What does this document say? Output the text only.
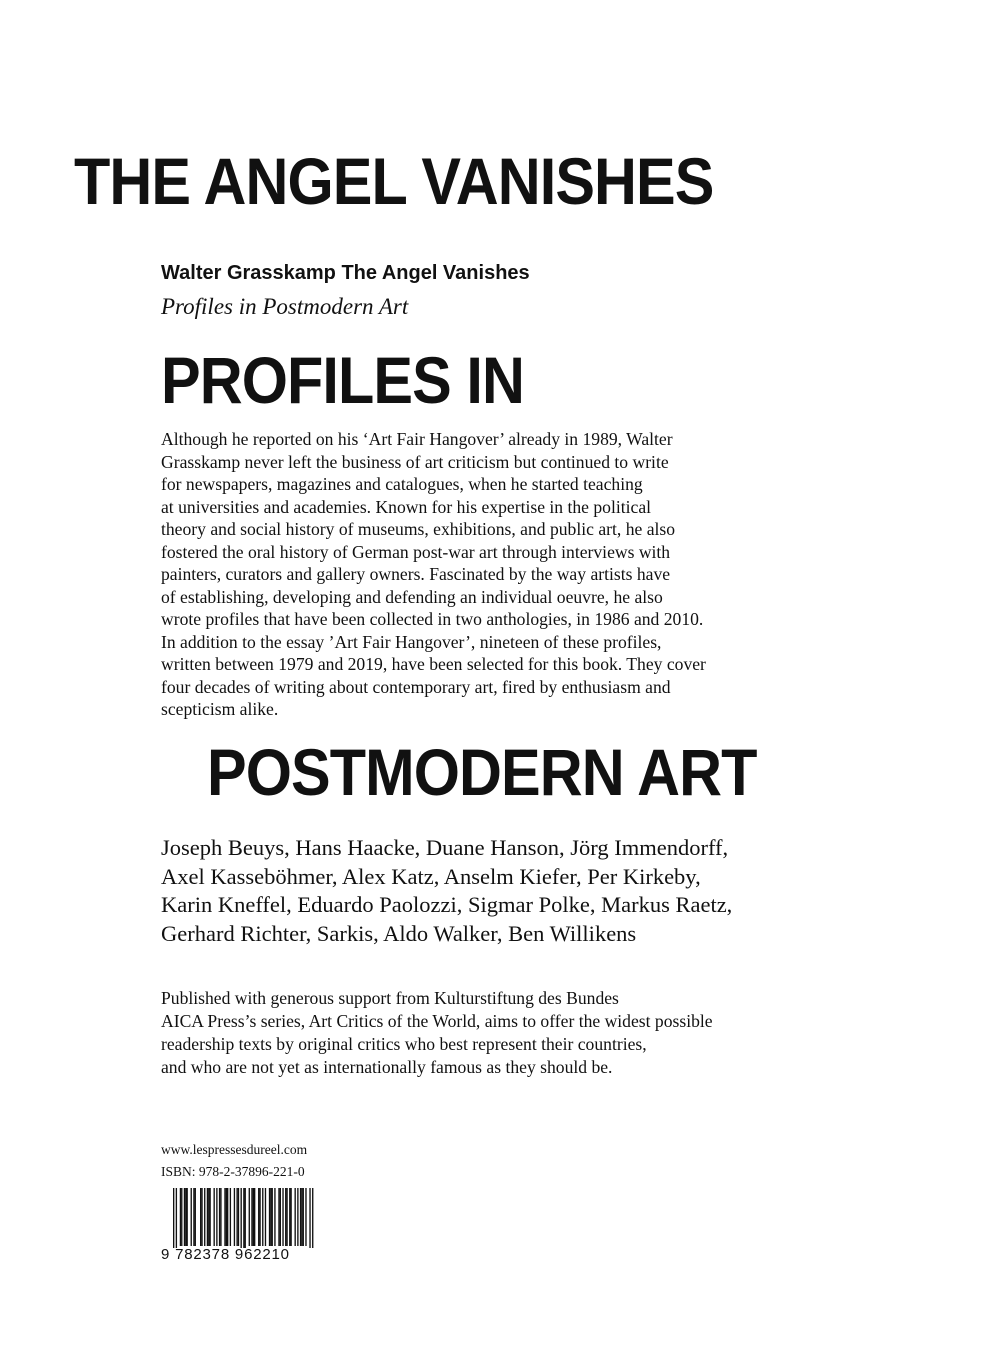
THE ANGEL VANISHES

Walter Grasskamp The Angel Vanishes

Profiles in Postmodern Art

PROFILES IN
Although he reported on his ‘Art Fair Hangover’ already in 1989, Walter
Grasskamp never left the business of art criticism but continued to write
for newspapers, magazines and catalogues, when he started teaching
at universities and academies. Known for his expertise in the political
theory and social history of museums, exhibitions, and public art, he also
fostered the oral history of German post-war art through interviews with
painters, curators and gallery owners. Fascinated by the way artists have
of establishing, developing and defending an individual oeuvre, he also
wrote profiles that have been collected in two anthologies, in 1986 and 2010.
In addition to the essay ’Art Fair Hangover’, nineteen of these profiles,
written between 1979 and 2019, have been selected for this book. They cover
four decades of writing about contemporary art, fired by enthusiasm and
scepticism alike.
POSTMODERN ART
Joseph Beuys, Hans Haacke, Duane Hanson, Jörg Immendorff,
Axel Kasseböhmer, Alex Katz, Anselm Kiefer, Per Kirkeby,
Karin Kneffel, Eduardo Paolozzi, Sigmar Polke, Markus Raetz,
Gerhard Richter, Sarkis, Aldo Walker, Ben Willikens
Published with generous support from Kulturstiftung des Bundes
AICA Press’s series, Art Critics of the World, aims to offer the widest possible
readership texts by original critics who best represent their countries,
and who are not yet as internationally famous as they should be.

www.lespressesdureel.com

ISBN: 978-2-37896-221-0

9 782378 962210
